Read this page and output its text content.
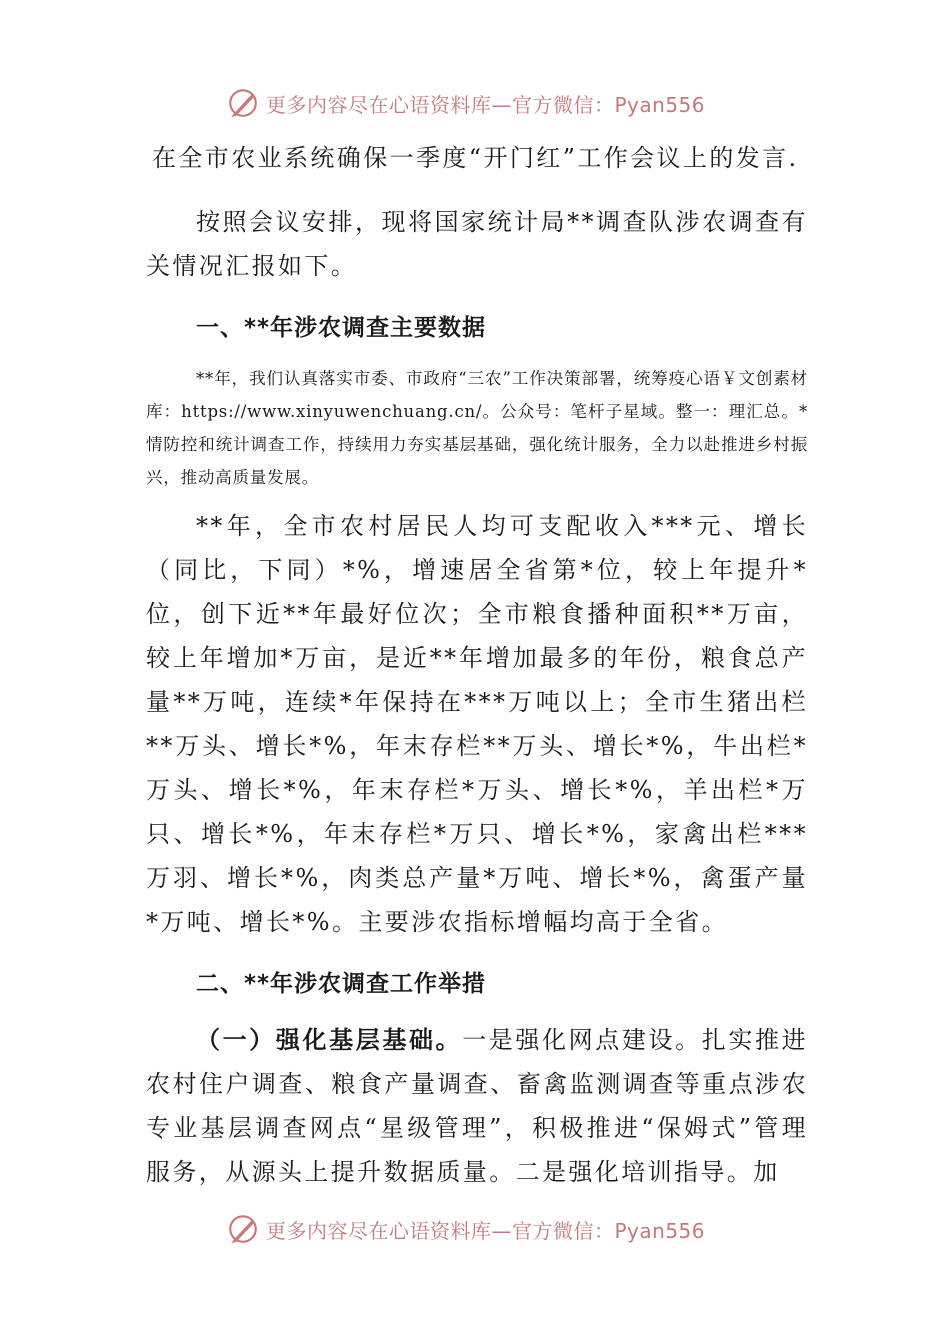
更多内容尽在心语资料库—官方微信：Pyan556

在全市农业系统确保一季度“开门红”工作会议上的发言.

按照会议安排，现将国家统计局**调查队涉农调查有关情况汇报如下。

一、**年涉农调查主要数据

**年，我们认真落实市委、市政府“三农”工作决策部署，统筹疫心语￥文创素材库：https://www.xinyuwenchuang.cn/。公众号：笔杆子星域。整一：理汇总。*情防控和统计调查工作，持续用力夯实基层基础，强化统计服务，全力以赴推进乡村振兴，推动高质量发展。

**年，全市农村居民人均可支配收入***元、增长（同比，下同）*%，增速居全省第*位，较上年提升*位，创下近**年最好位次；全市粮食播种面积**万亩，较上年增加*万亩，是近**年增加最多的年份，粮食总产量**万吨，连续*年保持在***万吨以上；全市生猪出栏**万头、增长*%，年末存栏**万头、增长*%，牛出栏*万头、增长*%，年末存栏*万头、增长*%，羊出栏*万只、增长*%，年末存栏*万只、增长*%，家禽出栏***万羽、增长*%，肉类总产量*万吨、增长*%，禽蛋产量*万吨、增长*%。主要涉农指标增幅均高于全省。

二、**年涉农调查工作举措

（一）强化基层基础。一是强化网点建设。扎实推进农村住户调查、粮食产量调查、畜禽监测调查等重点涉农专业基层调查网点“星级管理”，积极推进“保姆式”管理服务，从源头上提升数据质量。二是强化培训指导。加

更多内容尽在心语资料库—官方微信：Pyan556
